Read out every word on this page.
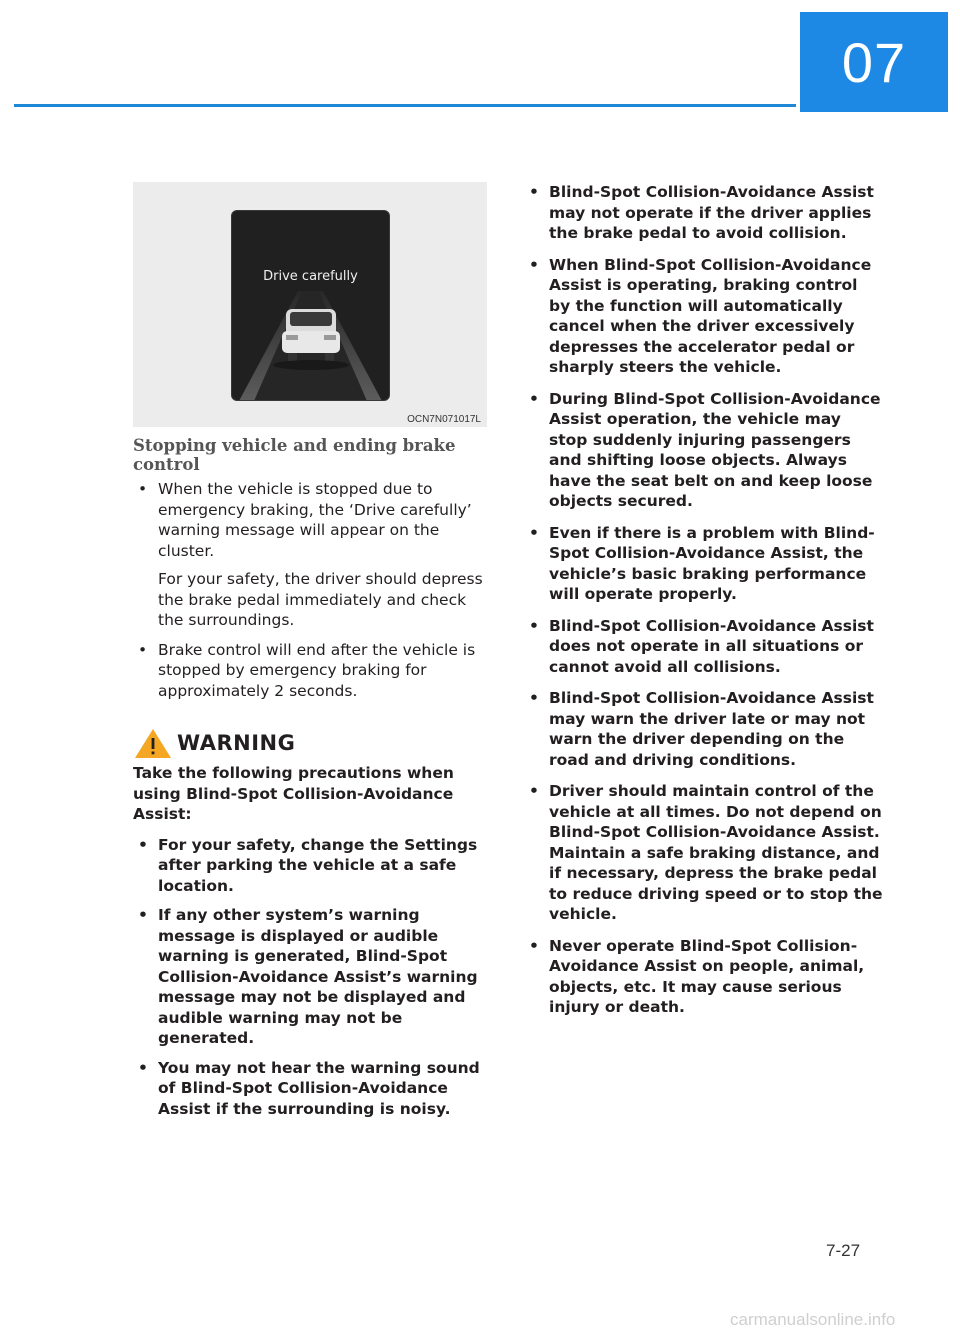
07
Drive carefully
OCN7N071017L
Stopping vehicle and ending brake control

• When the vehicle is stopped due to emergency braking, the ‘Drive carefully’ warning message will appear on the cluster.

For your safety, the driver should depress the brake pedal immediately and check the surroundings.

• Brake control will end after the vehicle is stopped by emergency braking for approximately 2 seconds.

WARNING

Take the following precautions when using Blind-Spot Collision-Avoidance Assist:

• For your safety, change the Settings after parking the vehicle at a safe location.
• If any other system’s warning message is displayed or audible warning is generated, Blind-Spot Collision-Avoidance Assist’s warning message may not be displayed and audible warning may not be generated.
• You may not hear the warning sound of Blind-Spot Collision-Avoidance Assist if the surrounding is noisy.
• Blind-Spot Collision-Avoidance Assist may not operate if the driver applies the brake pedal to avoid collision.
• When Blind-Spot Collision-Avoidance Assist is operating, braking control by the function will automatically cancel when the driver excessively depresses the accelerator pedal or sharply steers the vehicle.
• During Blind-Spot Collision-Avoidance Assist operation, the vehicle may stop suddenly injuring passengers and shifting loose objects. Always have the seat belt on and keep loose objects secured.
• Even if there is a problem with Blind-Spot Collision-Avoidance Assist, the vehicle’s basic braking performance will operate properly.
• Blind-Spot Collision-Avoidance Assist does not operate in all situations or cannot avoid all collisions.
• Blind-Spot Collision-Avoidance Assist may warn the driver late or may not warn the driver depending on the road and driving conditions.
• Driver should maintain control of the vehicle at all times. Do not depend on Blind-Spot Collision-Avoidance Assist. Maintain a safe braking distance, and if necessary, depress the brake pedal to reduce driving speed or to stop the vehicle.
• Never operate Blind-Spot Collision-Avoidance Assist on people, animal, objects, etc. It may cause serious injury or death.
7-27
carmanualsonline.info
